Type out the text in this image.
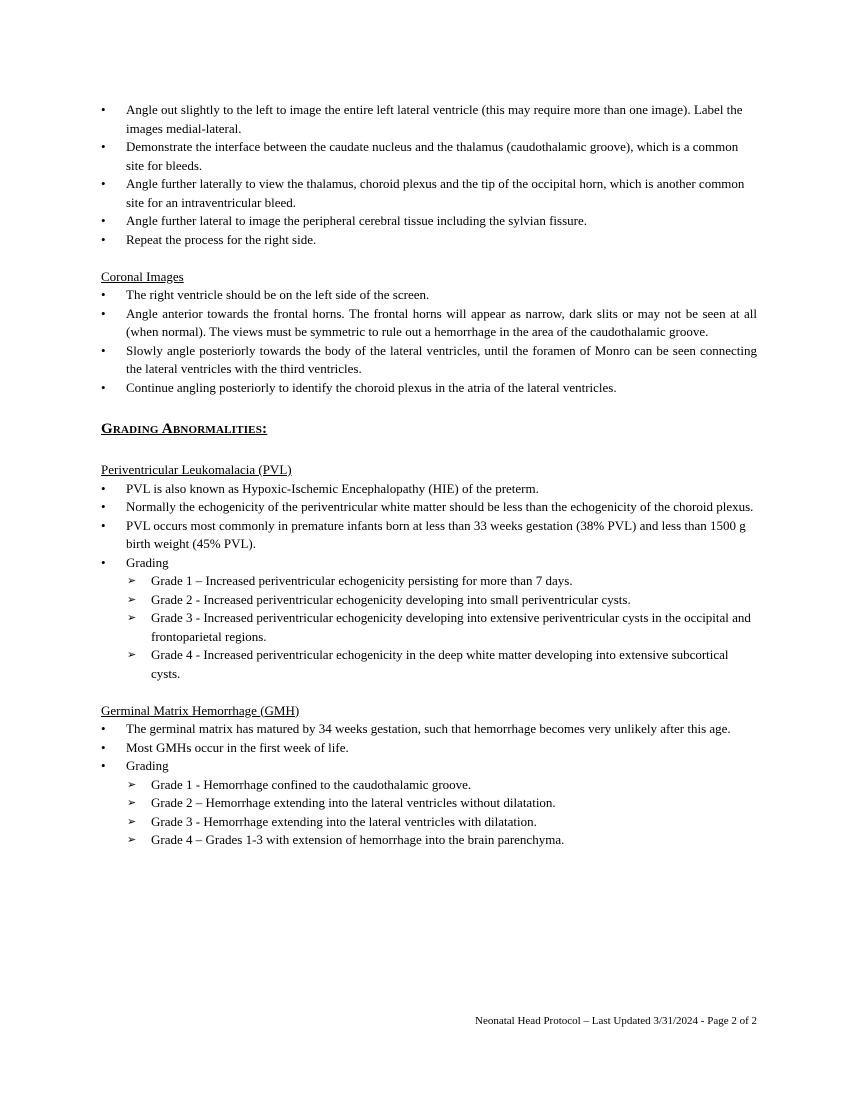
• Angle out slightly to the left to image the entire left lateral ventricle (this may require more than one image). Label the images medial-lateral.
• Demonstrate the interface between the caudate nucleus and the thalamus (caudothalamic groove), which is a common site for bleeds.
• Angle further laterally to view the thalamus, choroid plexus and the tip of the occipital horn, which is another common site for an intraventricular bleed.
• Angle further lateral to image the peripheral cerebral tissue including the sylvian fissure.
• Repeat the process for the right side.

Coronal Images

• The right ventricle should be on the left side of the screen.
• Angle anterior towards the frontal horns. The frontal horns will appear as narrow, dark slits or may not be seen at all (when normal). The views must be symmetric to rule out a hemorrhage in the area of the caudothalamic groove.
• Slowly angle posteriorly towards the body of the lateral ventricles, until the foramen of Monro can be seen connecting the lateral ventricles with the third ventricles.
• Continue angling posteriorly to identify the choroid plexus in the atria of the lateral ventricles.

Grading Abnormalities:

Periventricular Leukomalacia (PVL)

• PVL is also known as Hypoxic-Ischemic Encephalopathy (HIE) of the preterm.
• Normally the echogenicity of the periventricular white matter should be less than the echogenicity of the choroid plexus.
• PVL occurs most commonly in premature infants born at less than 33 weeks gestation (38% PVL) and less than 1500 g birth weight (45% PVL).
• Grading
➢ Grade 1 – Increased periventricular echogenicity persisting for more than 7 days.
➢ Grade 2 - Increased periventricular echogenicity developing into small periventricular cysts.
➢ Grade 3 - Increased periventricular echogenicity developing into extensive periventricular cysts in the occipital and frontoparietal regions.
➢ Grade 4 - Increased periventricular echogenicity in the deep white matter developing into extensive subcortical cysts.

Germinal Matrix Hemorrhage (GMH)

• The germinal matrix has matured by 34 weeks gestation, such that hemorrhage becomes very unlikely after this age.
• Most GMHs occur in the first week of life.
• Grading
➢ Grade 1 - Hemorrhage confined to the caudothalamic groove.
➢ Grade 2 – Hemorrhage extending into the lateral ventricles without dilatation.
➢ Grade 3 - Hemorrhage extending into the lateral ventricles with dilatation.
➢ Grade 4 – Grades 1-3 with extension of hemorrhage into the brain parenchyma.
Neonatal Head Protocol – Last Updated 3/31/2024 - Page 2 of 2
